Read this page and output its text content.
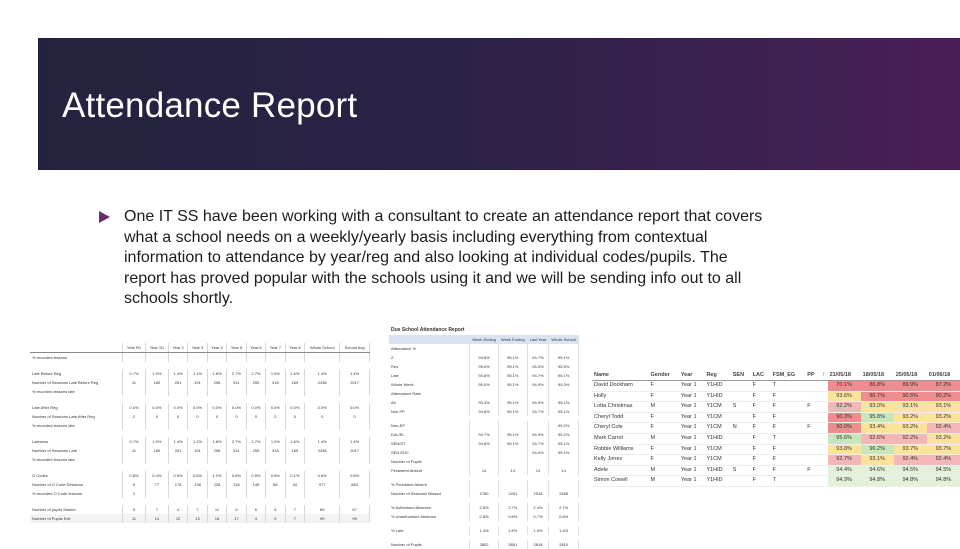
Attendance Report
One IT SS have been working with a consultant to create an attendance report that covers what a school needs on a weekly/yearly basis including everything from contextual information to attendance by year/reg and also looking at individual codes/pupils. The report has proved popular with the schools using it and we will be sending info out to all schools shortly.
	Year R1	Year 1D	Year 2	Year 3	Year 4	Year 5	Year 6	Year 7	Year 8	Whole School	School Avg
% recorded lessons											

Late Before Reg	0.7%	1.0%	1.4%	1.1%	1.8%	2.7%	2.7%	1.0%	1.6%	1.4%	1.4%
Number of Sessions Late Before Reg	11	180	201	191	298	511	255	318	169	2338	2017
% recorded lessons late											

Late After Reg	0.0%	0.0%	0.0%	0.0%	0.0%	0.0%	0.0%	0.0%	0.0%	0.0%	0.0%
Number of Sessions Late After Reg	2	0	0	0	0	0	0	2	0	0	0
% recorded lessons late											

Lateness	0.7%	1.0%	1.4%	1.1%	1.8%	2.7%	2.7%	1.0%	1.6%	1.4%	1.4%
Number of Sessions Late	11	180	201	191	298	511	255	318	169	2338	2017
% recorded lessons late											

O Codes	0.8%	0.4%	0.5%	0.6%	1.0%	0.6%	0.5%	0.8%	0.1%	0.6%	0.6%
Number of O Code Sessions	9	77	178	138	228	118	146	88	34	977	883
% recorded O Code lessons	2										

Number of pupils Marker	9	7	4	7	11	6	6	8	7	69	67
Number of Pupils Exit	11	14	12	13	18	17	4	9	7	99	99
Due School Attendance Report				
	Week Ending	Week Ending	Last Year	Whole School
Attendance %				
Z	94.8%	95.1%	94.7%	95.1%
Res	95.6%	95.1%	95.5%	95.5%
Late	94.8%	95.1%	94.7%	95.1%
Whole Week	95.0%	95.1%	94.9%	95.3%
Attendance Rate				
Ab	93.3%	95.1%	94.5%	95.1%
Non PP	94.8%	95.1%	94.7%	95.1%

Non-EP				95.2%
EAL/EL	94.7%	95.1%	94.9%	95.2%
SEN/ST	94.8%	95.1%	94.7%	95.1%
SEN EHC			94.4%	95.1%
Number of Pupils				
Persistent Absent	14	14	14	14

% Persistent Absent				
Number of Sessions Missed	2769	2451	2518	2485

% Authorised Absence	2.6%	2.7%	2.4%	2.7%
% Unauthorised Absence	0.8%	0.6%	0.7%	0.6%

% Late	1.4%	1.6%	1.5%	1.4%

Number of Pupils	2802	2851	2818	2810
Name	Gender	Year	Reg	SEN	LAC	FSM_EG	PP	!	21/05/18	18/05/18	25/05/18	01/06/18
David Dockham	F	Year 1	Y1HID		F	T			70.1%	86.8%	89.9%	87.2%
Holly	F	Year 1	Y1HID		F	F			93.6%	90.7%	90.5%	90.2%
Lotta Christmas	M	Year 1	Y1CM	S	F	F	F		92.2%	93.0%	93.1%	93.1%
Cheryl Todd	F	Year 1	Y1CM		F	F			90.3%	95.8%	93.2%	93.2%
Cheryl Cole	F	Year 1	Y1CM	N	F	F	F		90.0%	93.4%	93.2%	92.4%
Mark Carrol	M	Year 1	Y1HID		F	T			95.6%	92.6%	92.2%	93.2%
Robbie Williams	F	Year 1	Y1CM		F	F			93.8%	96.2%	93.7%	93.7%
Kelly Jones	F	Year 1	Y1CM		F	F			92.7%	93.1%	92.4%	92.4%
Adele	M	Year 1	Y1HID	S	F	F	F		94.4%	94.6%	94.5%	94.5%
Simon Cowell	M	Year 1	Y1HID		F	T			94.9%	94.8%	94.8%	94.8%
